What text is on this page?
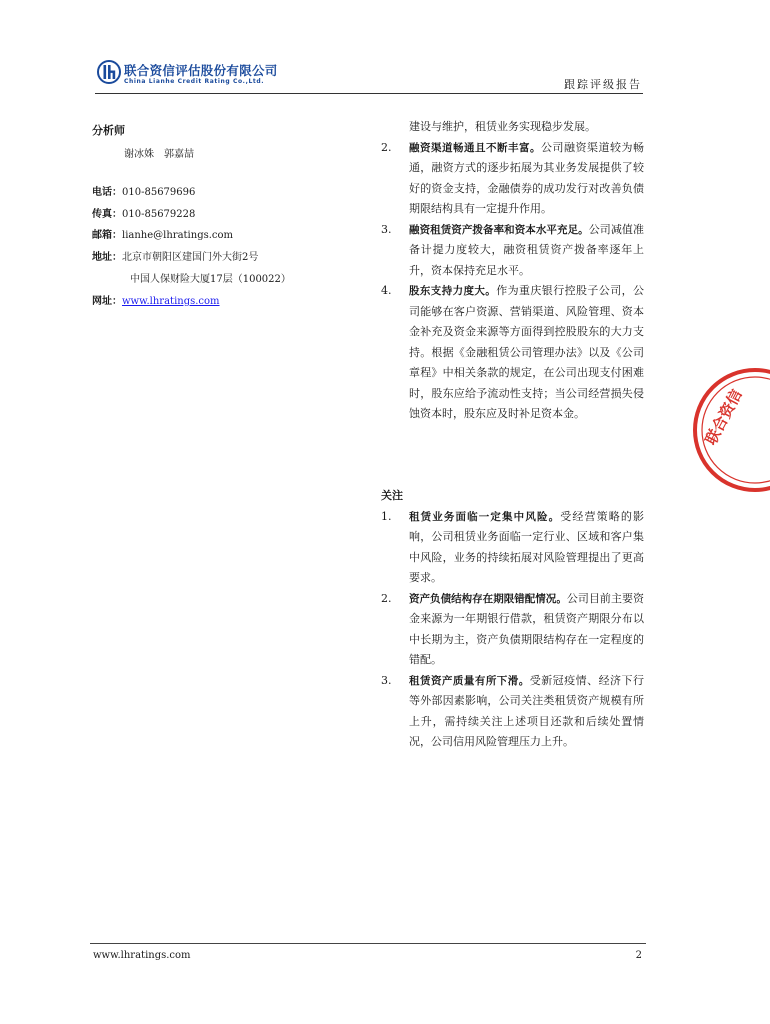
联合资信评估股份有限公司
China Lianhe Credit Rating Co.,Ltd.	跟踪评级报告
分析师
谢冰姝　郭嘉喆
电话：010-85679696
传真：010-85679228
邮箱：lianhe@lhratings.com
地址：北京市朝阳区建国门外大街2号
中国人保财险大厦17层（100022）
网址：www.lhratings.com
建设与维护，租赁业务实现稳步发展。
2. 融资渠道畅通且不断丰富。公司融资渠道较为畅通，融资方式的逐步拓展为其业务发展提供了较好的资金支持，金融债券的成功发行对改善负债期限结构具有一定提升作用。
3. 融资租赁资产拨备率和资本水平充足。公司减值准备计提力度较大，融资租赁资产拨备率逐年上升，资本保持充足水平。
4. 股东支持力度大。作为重庆银行控股子公司，公司能够在客户资源、营销渠道、风险管理、资本金补充及资金来源等方面得到控股股东的大力支持。根据《金融租赁公司管理办法》以及《公司章程》中相关条款的规定，在公司出现支付困难时，股东应给予流动性支持；当公司经营损失侵蚀资本时，股东应及时补足资本金。
关注
1. 租赁业务面临一定集中风险。受经营策略的影响，公司租赁业务面临一定行业、区域和客户集中风险，业务的持续拓展对风险管理提出了更高要求。
2. 资产负债结构存在期限错配情况。公司目前主要资金来源为一年期银行借款，租赁资产期限分布以中长期为主，资产负债期限结构存在一定程度的错配。
3. 租赁资产质量有所下滑。受新冠疫情、经济下行等外部因素影响，公司关注类租赁资产规模有所上升，需持续关注上述项目还款和后续处置情况，公司信用风险管理压力上升。
联合资信
www.lhratings.com	2
